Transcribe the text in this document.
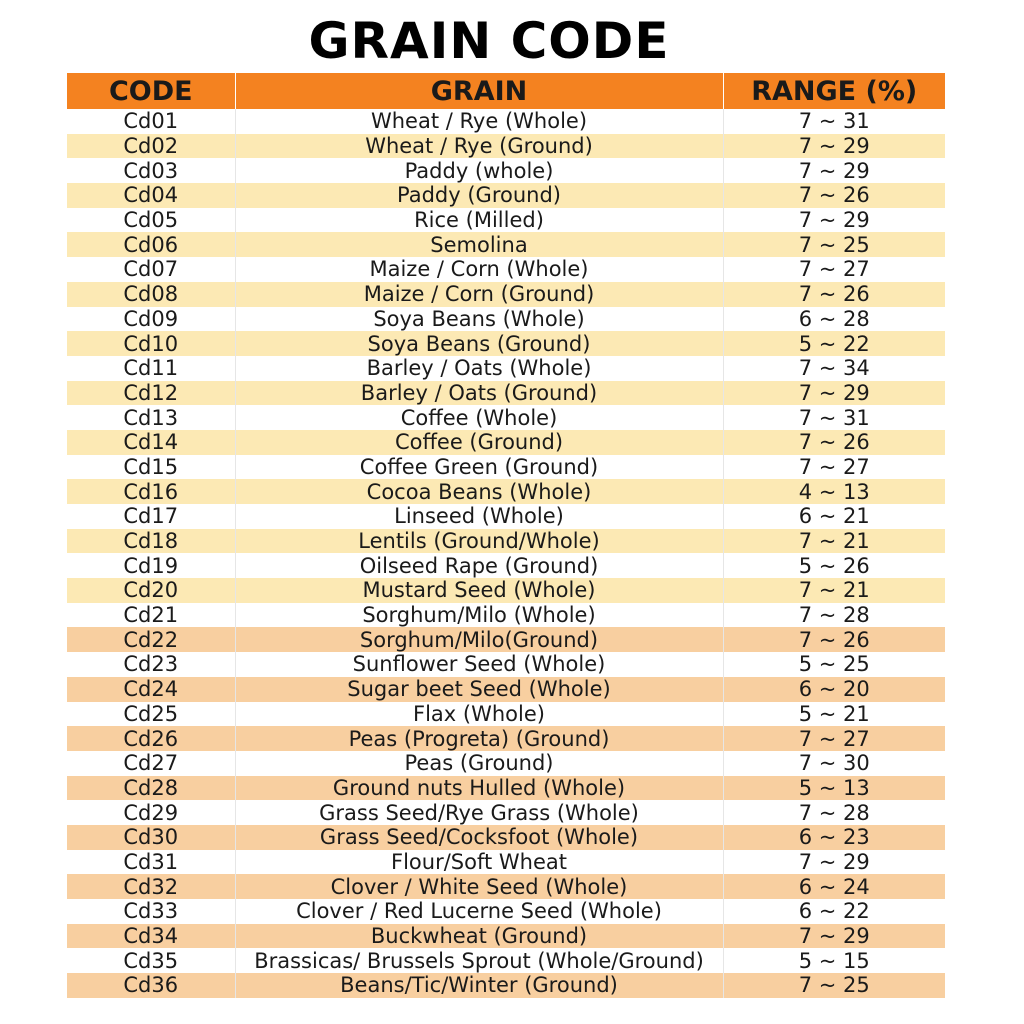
GRAIN CODE
CODE	GRAIN	RANGE (%)
Cd01	Wheat / Rye (Whole)	7 ~ 31
Cd02	Wheat / Rye (Ground)	7 ~ 29
Cd03	Paddy (whole)	7 ~ 29
Cd04	Paddy (Ground)	7 ~ 26
Cd05	Rice (Milled)	7 ~ 29
Cd06	Semolina	7 ~ 25
Cd07	Maize / Corn (Whole)	7 ~ 27
Cd08	Maize / Corn (Ground)	7 ~ 26
Cd09	Soya Beans (Whole)	6 ~ 28
Cd10	Soya Beans (Ground)	5 ~ 22
Cd11	Barley / Oats (Whole)	7 ~ 34
Cd12	Barley / Oats (Ground)	7 ~ 29
Cd13	Coffee (Whole)	7 ~ 31
Cd14	Coffee (Ground)	7 ~ 26
Cd15	Coffee Green (Ground)	7 ~ 27
Cd16	Cocoa Beans (Whole)	4 ~ 13
Cd17	Linseed (Whole)	6 ~ 21
Cd18	Lentils (Ground/Whole)	7 ~ 21
Cd19	Oilseed Rape (Ground)	5 ~ 26
Cd20	Mustard Seed (Whole)	7 ~ 21
Cd21	Sorghum/Milo (Whole)	7 ~ 28
Cd22	Sorghum/Milo(Ground)	7 ~ 26
Cd23	Sunflower Seed (Whole)	5 ~ 25
Cd24	Sugar beet Seed (Whole)	6 ~ 20
Cd25	Flax (Whole)	5 ~ 21
Cd26	Peas (Progreta) (Ground)	7 ~ 27
Cd27	Peas (Ground)	7 ~ 30
Cd28	Ground nuts Hulled (Whole)	5 ~ 13
Cd29	Grass Seed/Rye Grass (Whole)	7 ~ 28
Cd30	Grass Seed/Cocksfoot (Whole)	6 ~ 23
Cd31	Flour/Soft Wheat	7 ~ 29
Cd32	Clover / White Seed (Whole)	6 ~ 24
Cd33	Clover / Red Lucerne Seed (Whole)	6 ~ 22
Cd34	Buckwheat (Ground)	7 ~ 29
Cd35	Brassicas/ Brussels Sprout (Whole/Ground)	5 ~ 15
Cd36	Beans/Tic/Winter (Ground)	7 ~ 25
